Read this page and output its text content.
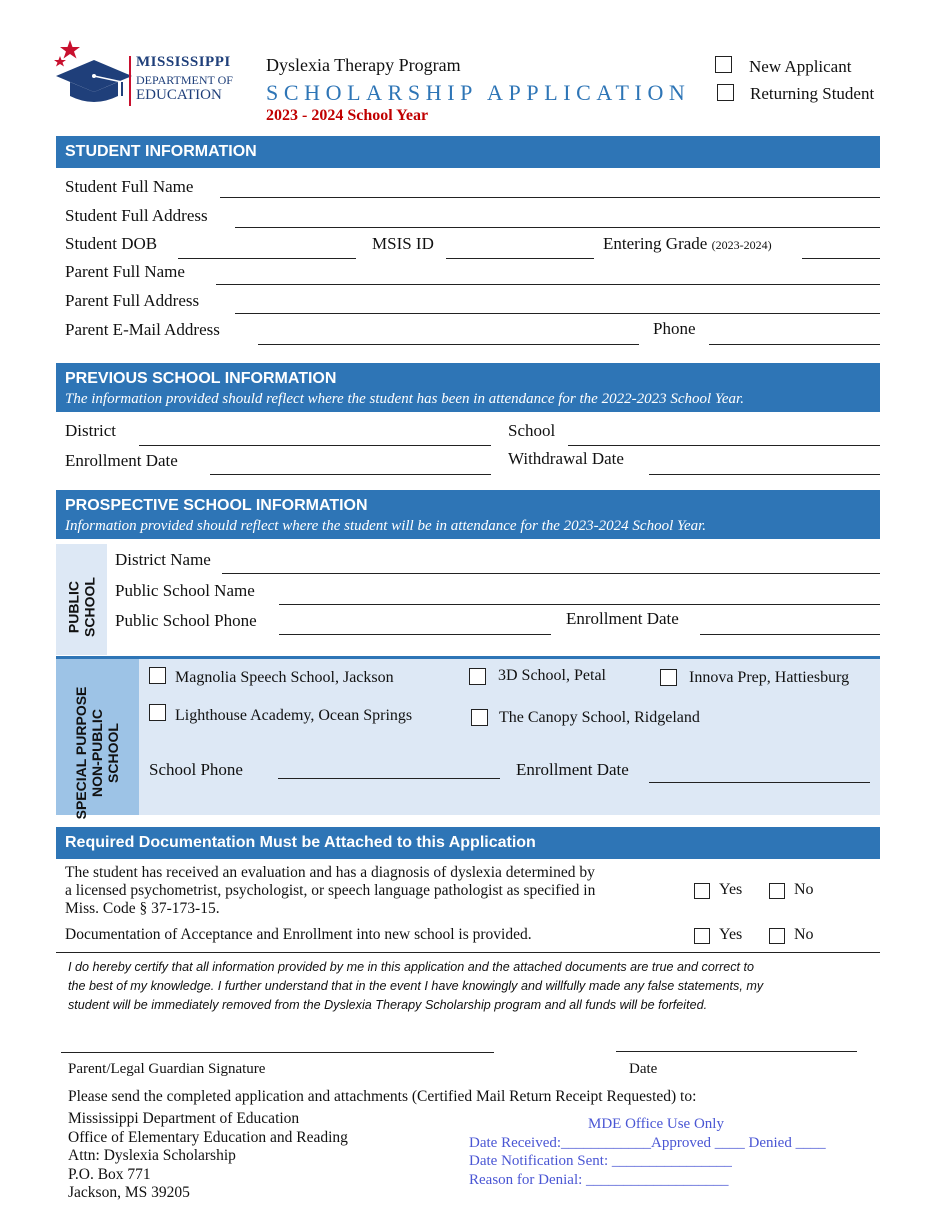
MISSISSIPPI
DEPARTMENT OF
EDUCATION
Dyslexia Therapy Program
SCHOLARSHIP APPLICATION
2023 - 2024 School Year
New Applicant
Returning Student
STUDENT INFORMATION
Student Full Name
Student Full Address
Student DOB	MSIS ID	Entering Grade (2023-2024)
Parent Full Name
Parent Full Address
Parent E-Mail Address	Phone
PREVIOUS SCHOOL INFORMATION
The information provided should reflect where the student has been in attendance for the 2022-2023 School Year.
District	School
Enrollment Date	Withdrawal Date
PROSPECTIVE SCHOOL INFORMATION
Information provided should reflect where the student will be in attendance for the 2023-2024 School Year.
PUBLIC SCHOOL
District Name
Public School Name
Public School Phone	Enrollment Date
SPECIAL PURPOSE NON-PUBLIC SCHOOL
Magnolia Speech School, Jackson	3D School, Petal	Innova Prep, Hattiesburg
Lighthouse Academy, Ocean Springs	The Canopy School, Ridgeland
School Phone	Enrollment Date
Required Documentation Must be Attached to this Application
The student has received an evaluation and has a diagnosis of dyslexia determined by
a licensed psychometrist, psychologist, or speech language pathologist as specified in
Miss. Code § 37-173-15.
Yes	No
Documentation of Acceptance and Enrollment into new school is provided.	Yes	No
I do hereby certify that all information provided by me in this application and the attached documents are true and correct to
the best of my knowledge. I further understand that in the event I have knowingly and willfully made any false statements, my
student will be immediately removed from the Dyslexia Therapy Scholarship program and all funds will be forfeited.
Parent/Legal Guardian Signature	Date
Please send the completed application and attachments (Certified Mail Return Receipt Requested) to:
Mississippi Department of Education
Office of Elementary Education and Reading
Attn: Dyslexia Scholarship
P.O. Box 771
Jackson, MS 39205
MDE Office Use Only
Date Received:____________Approved ____ Denied ____
Date Notification Sent: ________________
Reason for Denial: ___________________
